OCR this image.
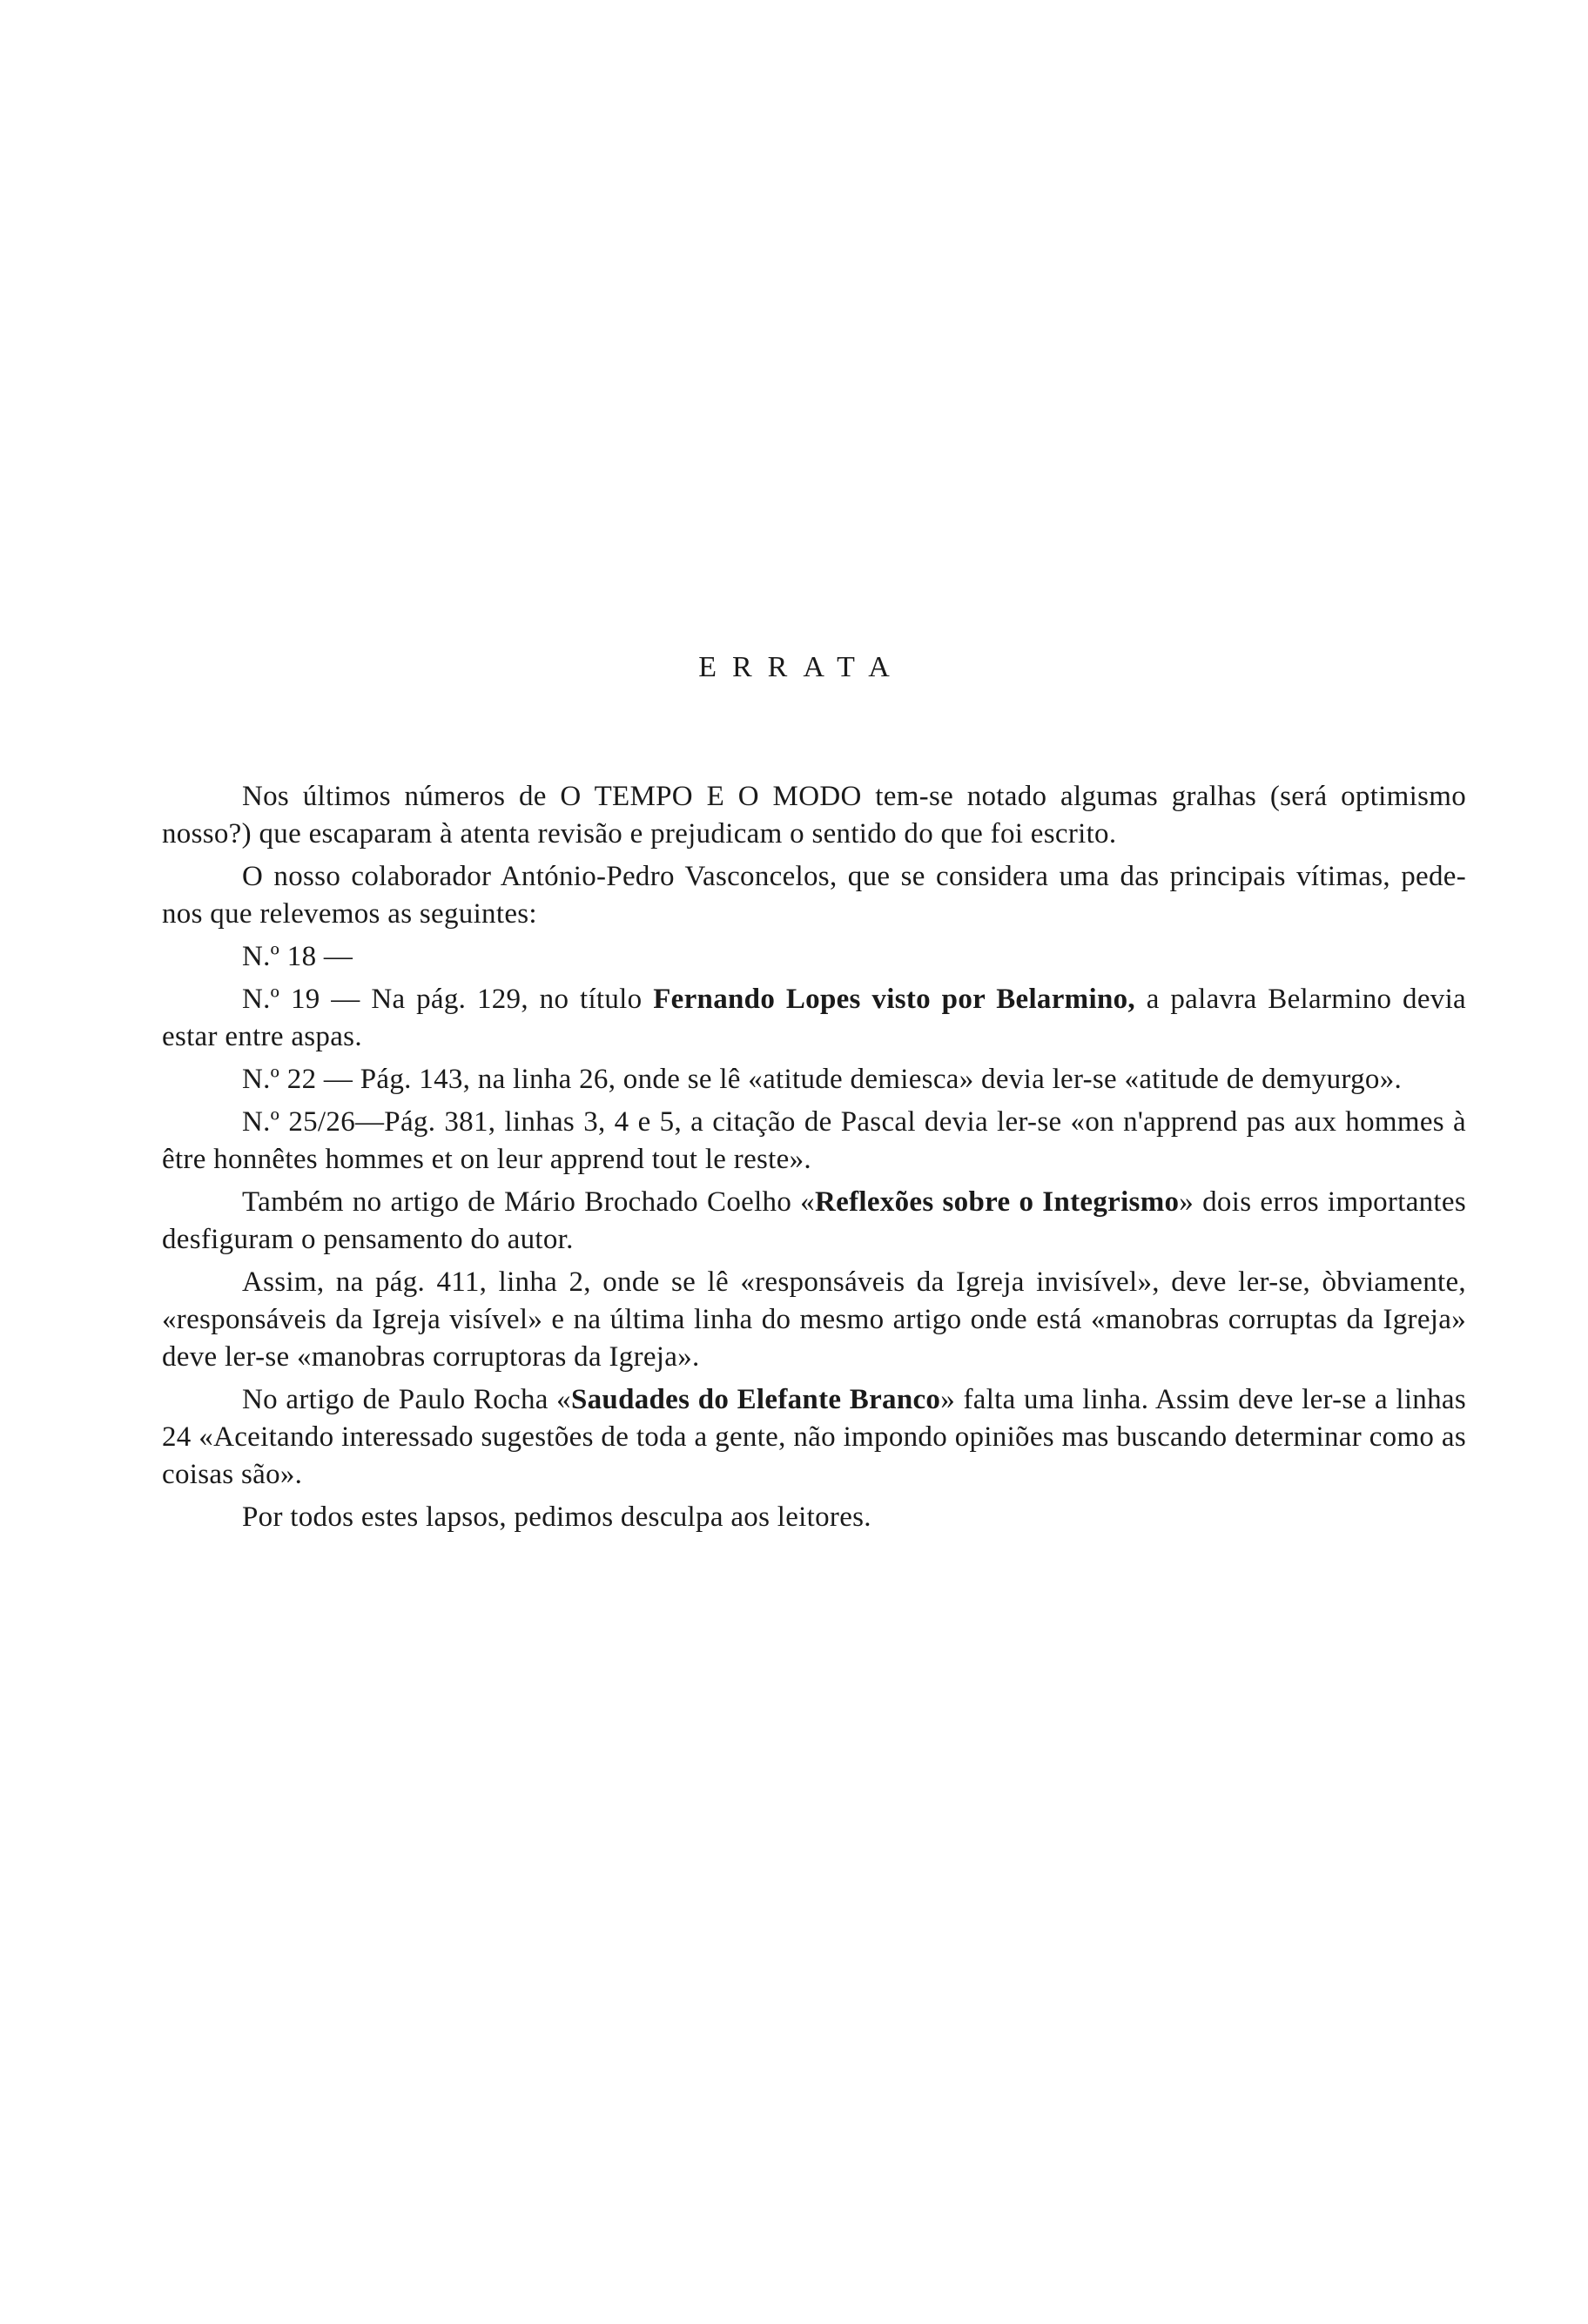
ERRATA

Nos últimos números de O TEMPO E O MODO tem-se notado algumas gralhas (será optimismo nosso?) que escaparam à atenta revisão e prejudicam o sentido do que foi escrito.

O nosso colaborador António-Pedro Vasconcelos, que se considera uma das principais vítimas, pede-nos que relevemos as seguintes:

N.º 18 —

N.º 19 — Na pág. 129, no título Fernando Lopes visto por Belarmino, a palavra Belarmino devia estar entre aspas.

N.º 22 — Pág. 143, na linha 26, onde se lê «atitude demiesca» devia ler-se «atitude de demyurgo».

N.º 25/26—Pág. 381, linhas 3, 4 e 5, a citação de Pascal devia ler-se «on n'apprend pas aux hommes à être honnêtes hommes et on leur apprend tout le reste».

Também no artigo de Mário Brochado Coelho «Reflexões sobre o Integrismo» dois erros importantes desfiguram o pensamento do autor.

Assim, na pág. 411, linha 2, onde se lê «responsáveis da Igreja invisível», deve ler-se, òbviamente, «responsáveis da Igreja visível» e na última linha do mesmo artigo onde está «manobras corruptas da Igreja» deve ler-se «manobras corruptoras da Igreja».

No artigo de Paulo Rocha «Saudades do Elefante Branco» falta uma linha. Assim deve ler-se a linhas 24 «Aceitando interessado sugestões de toda a gente, não impondo opiniões mas buscando determinar como as coisas são».

Por todos estes lapsos, pedimos desculpa aos leitores.
